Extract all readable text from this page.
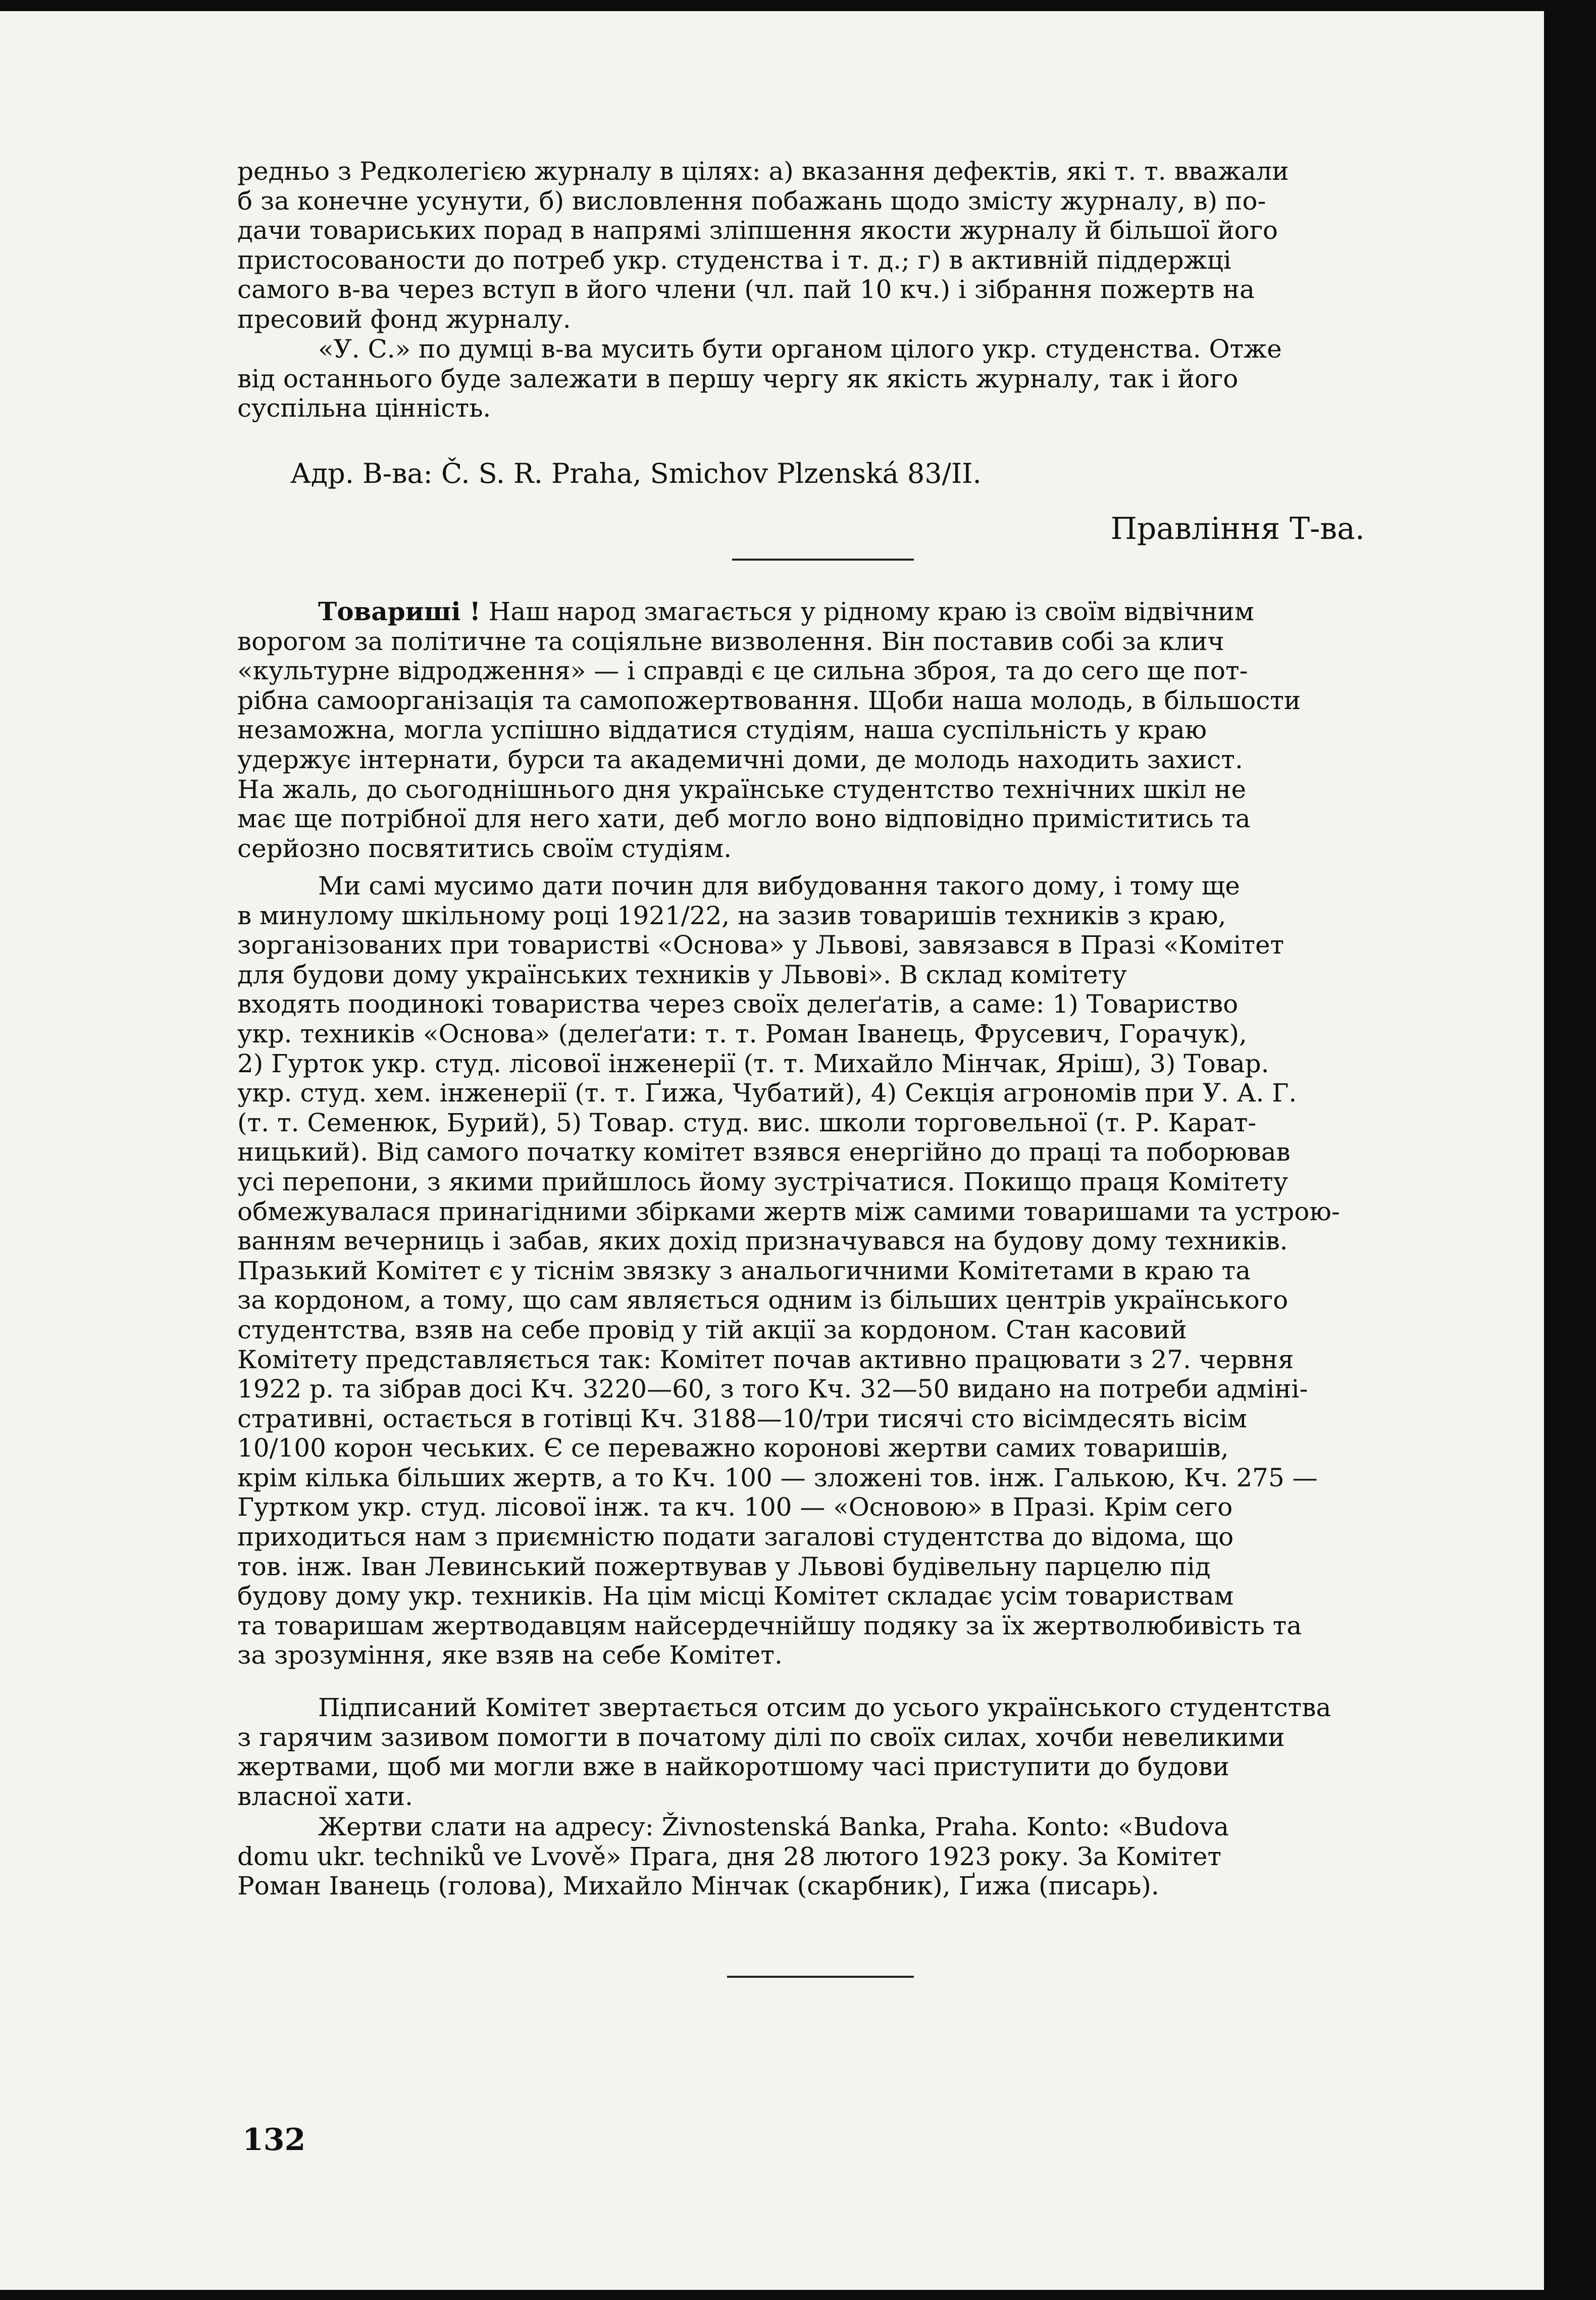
редньо з Редколегією журналу в цілях: а) вказання дефектів, які т. т. вважали
б за конечне усунути, б) висловлення побажань щодо змісту журналу, в) по-
дачи товариських порад в напрямі зліпшення якости журналу й більшої його
пристосованости до потреб укр. студенства і т. д.; г) в активній піддержці
самого в-ва через вступ в його члени (чл. пай 10 кч.) і зібрання пожертв на
пресовий фонд журналу.

«У. С.» по думці в-ва мусить бути органом цілого укр. студенства. Отже
від останнього буде залежати в першу чергу як якість журналу, так і його
суспільна цінність.

Адр. В-ва: Č. S. R. Praha, Smichov Plzenská 83/II.

Правління Т-ва.

Товариші ! Наш народ змагається у рідному краю із своїм відвічним
ворогом за політичне та соціяльне визволення. Він поставив собі за клич
«культурне відродження» — і справді є це сильна зброя, та до сего ще пот-
рібна самоорганізація та самопожертвовання. Щоби наша молодь, в більшости
незаможна, могла успішно віддатися студіям, наша суспільність у краю
удержує інтернати, бурси та академичні доми, де молодь находить захист.
На жаль, до сьогоднішнього дня українське студентство технічних шкіл не
має ще потрібної для него хати, деб могло воно відповідно приміститись та
серйозно посвятитись своїм студіям.

Ми самі мусимо дати почин для вибудовання такого дому, і тому ще
в минулому шкільному році 1921/22, на зазив товаришів техників з краю,
зорганізованих при товаристві «Основа» у Львові, завязався в Празі «Комітет
для будови дому українських техників у Львові». В склад комітету
входять поодинокі товариства через своїх делеґатів, а саме: 1) Товариство
укр. техників «Основа» (делеґати: т. т. Роман Іванець, Фрусевич, Горачук),
2) Гурток укр. студ. лісової інженерії (т. т. Михайло Мінчак, Яріш), 3) Товар.
укр. студ. хем. інженерії (т. т. Ґижа, Чубатий), 4) Секція агрономів при У. А. Г.
(т. т. Семенюк, Бурий), 5) Товар. студ. вис. школи торговельної (т. Р. Карат-
ницький). Від самого початку комітет взявся енергійно до праці та поборював
усі перепони, з якими прийшлось йому зустрічатися. Покищо праця Комітету
обмежувалася принагідними збірками жертв між самими товаришами та устрою-
ванням вечерниць і забав, яких дохід призначувався на будову дому техників.
Празький Комітет є у тіснім звязку з анальогичними Комітетами в краю та
за кордоном, а тому, що сам являється одним із більших центрів українського
студентства, взяв на себе провід у тій акції за кордоном. Стан касовий
Комітету представляється так: Комітет почав активно працювати з 27. червня
1922 р. та зібрав досі Кч. 3220—60, з того Кч. 32—50 видано на потреби адміні-
стративні, остається в готівці Кч. 3188—10/три тисячі сто вісімдесять вісім
10/100 корон чеських. Є се переважно коронові жертви самих товаришів,
крім кілька більших жертв, а то Кч. 100 — зложені тов. інж. Галькою, Кч. 275 —
Гуртком укр. студ. лісової інж. та кч. 100 — «Основою» в Празі. Крім сего
приходиться нам з приємністю подати загалові студентства до відома, що
тов. інж. Іван Левинський пожертвував у Львові будівельну парцелю під
будову дому укр. техників. На цім місці Комітет складає усім товариствам
та товаришам жертводавцям найсердечнійшу подяку за їх жертволюбивість та
за зрозуміння, яке взяв на себе Комітет.

Підписаний Комітет звертається отсим до усього українського студентства
з гарячим зазивом помогти в почaтому ділі по своїх силах, хочби невеликими
жертвами, щоб ми могли вже в найкоротшому часі приступити до будови
власної хати.

Жертви слати на адресу: Živnostenská Banka, Praha. Konto: «Budova
domu ukr. techniků ve Lvově» Прага, дня 28 лютого 1923 року. За Комітет
Роман Іванець (голова), Михайло Мінчак (скарбник), Ґижа (писарь).

132
